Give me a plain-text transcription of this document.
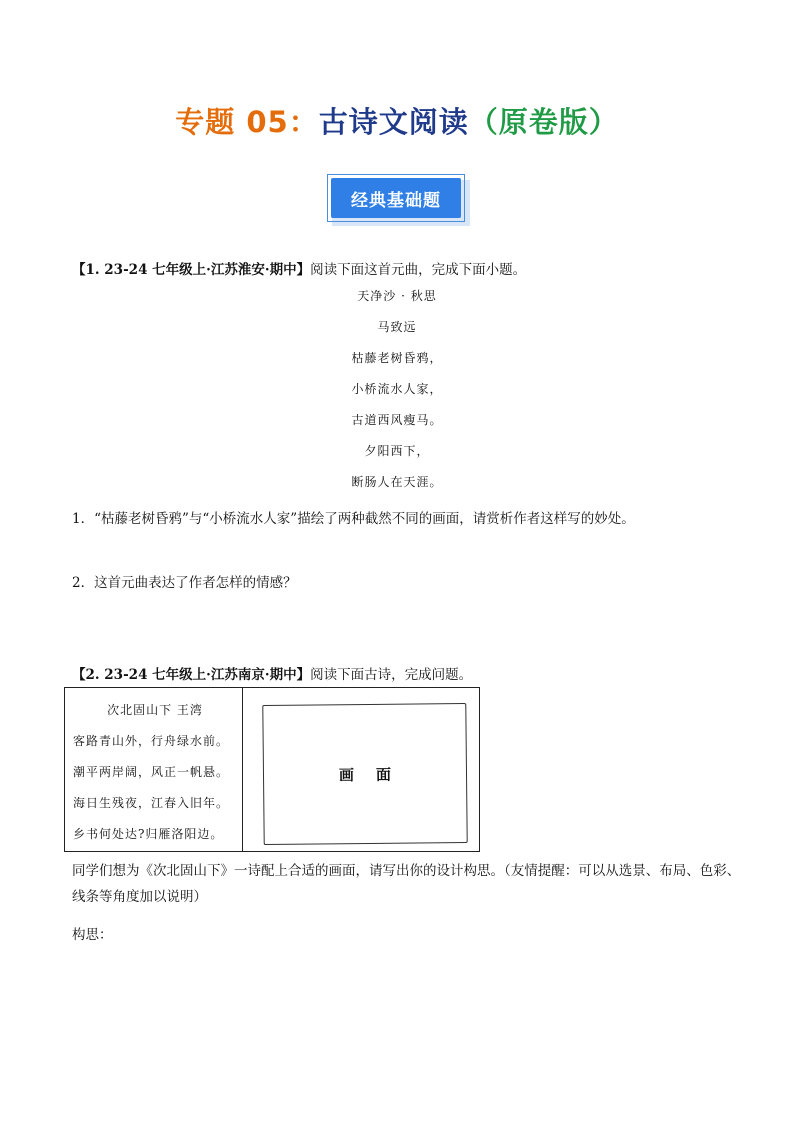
专题 05：古诗文阅读（原卷版）
经典基础题
【1. 23-24 七年级上·江苏淮安·期中】阅读下面这首元曲，完成下面小题。
天净沙 · 秋思
马致远
枯藤老树昏鸦，
小桥流水人家，
古道西风瘦马。
夕阳西下，
断肠人在天涯。
1．“枯藤老树昏鸦”与“小桥流水人家”描绘了两种截然不同的画面，请赏析作者这样写的妙处。
2．这首元曲表达了作者怎样的情感？
【2. 23-24 七年级上·江苏南京·期中】阅读下面古诗，完成问题。
次北固山下 王湾
客路青山外，行舟绿水前。
潮平两岸阔，风正一帆悬。
海日生残夜，江春入旧年。
乡书何处达?归雁洛阳边。
画面
同学们想为《次北固山下》一诗配上合适的画面，请写出你的设计构思。（友情提醒：可以从选景、布局、色彩、线条等角度加以说明）
构思：
